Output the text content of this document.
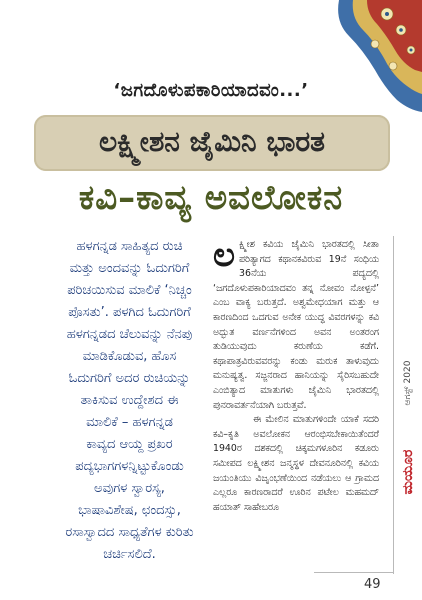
‘ಜಗದೊಳುಪಕಾರಿಯಾದವಂ...’
ಲಕ್ಷ್ಮೀಶನ ಜೈಮಿನಿ ಭಾರತ
ಕವಿ–ಕಾವ್ಯ ಅವಲೋಕನ
ಹಳಗನ್ನಡ ಸಾಹಿತ್ಯದ ರುಚಿ
ಮತ್ತು ಅಂದವನ್ನು ಓದುಗರಿಗೆ
ಪರಿಚಯಿಸುವ ಮಾಲಿಕೆ ‘ನಿಚ್ಚಂ
ಪೊಸತು’. ಪಳಗಿದ ಓದುಗರಿಗೆ
ಹಳಗನ್ನಡದ ಚೆಲುವನ್ನು ನೆನಪು
ಮಾಡಿಕೊಡುವ, ಹೊಸ
ಓದುಗರಿಗೆ ಅದರ ರುಚಿಯನ್ನು
ತಾಕಿಸುವ ಉದ್ದೇಶದ ಈ
ಮಾಲಿಕೆ – ಹಳಗನ್ನಡ
ಕಾವ್ಯದ ಆಯ್ದ ಪ್ರಖರ
ಪದ್ಯಭಾಗಗಳನ್ನಿಟ್ಟುಕೊಂಡು
ಅವುಗಳ ಸ್ವಾರಸ್ಯ,
ಭಾಷಾವಿಶೇಷ, ಛಂದಸ್ಸು,
ರಸಾಸ್ವಾದದ ಸಾಧ್ಯತೆಗಳ ಕುರಿತು
ಚರ್ಚಿಸಲಿದೆ.
ಲ ಕ್ಷ್ಮೀಶ ಕವಿಯ ಜೈಮಿನಿ ಭಾರತದಲ್ಲಿ ಸೀತಾ ಪರಿತ್ಯಾಗದ ಕಥಾನಕವಿರುವ 19ನೆ ಸಂಧಿಯ 36ನೆಯ ಪದ್ಯದಲ್ಲಿ ‘ಜಗದೊಳುಪಕಾರಿಯಾದವಂ ತನ್ನ ನೋವಂ ನೋಳ್ಪನೆ’ ಎಂಬ ವಾಕ್ಯ ಬರುತ್ತದೆ. ಅಶ್ವಮೇಧಯಾಗ ಮತ್ತು ಆ ಕಾರಣದಿಂದ ಒದಗುವ ಅನೇಕ ಯುದ್ಧ ವಿವರಗಳನ್ನು ಕವಿ ಅದ್ಭುತ ವರ್ಣನೆಗಳಿಂದ ಅವನ ಅಂತರಂಗ ತುಡಿಯುವುದು ಕರುಣೆಯ ಕಡೆಗೆ. ಕಥಾಪಾತ್ರವಿರುವವರನ್ನು ಕಂಡು ಮರುಕ ತಾಳುವುದು ಮನುಷ್ಯತ್ವ. ಸಜ್ಜನರಾದ ಹಾನಿಯನ್ನು ಸೈರಿಸಬಹುದೇ ಎಂಬಿತ್ಯಾದ ಮಾತುಗಳು ಜೈಮಿನಿ ಭಾರತದಲ್ಲಿ ಪುನರಾವರ್ತನೆಯಾಗಿ ಬರುತ್ತವೆ.

ಈ ಮೇಲಿನ ಮಾತುಗಳಿಂದೇ ಯಾಕೆ ಸದರಿ ಕವಿ–ಕೃತಿ ಅವಲೋಕನ ಆರಂಭಿಸಬೇಕಾಯಿತೆಂದರೆ 1940ರ ದಶಕದಲ್ಲಿ ಚಿಕ್ಕಮಗಳೂರಿನ ಕಡೂರು ಸಮೀಪದ ಲಕ್ಷ್ಮೀಶನ ಜನ್ಮಸ್ಥಳ ದೇವನೂರಿನಲ್ಲಿ ಕವಿಯ ಜಯಂತಿಯು ವಿಜೃಂಭಣೆಯಿಂದ ನಡೆಯಲು ಆ ಗ್ರಾಮದ ಎಲ್ಲರೂ ಕಾರಣರಾದರೆ ಊರಿನ ಪಟೇಲ ಮಹಮದ್ ಹಯಾತ್ ಸಾಹೇಬರೂ

ಆಗಸ್ಟ್ 2020
ಮಯೂರ
49
